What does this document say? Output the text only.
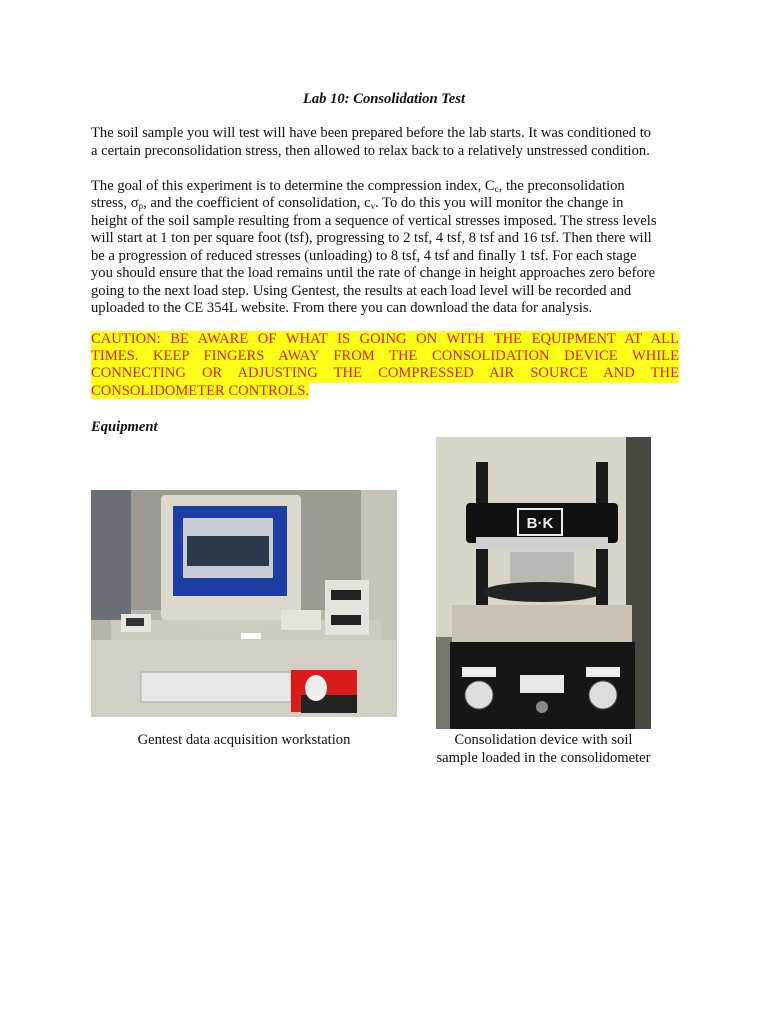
Lab 10: Consolidation Test
The soil sample you will test will have been prepared before the lab starts. It was conditioned to
a certain preconsolidation stress, then allowed to relax back to a relatively unstressed condition.
The goal of this experiment is to determine the compression index, $C_c$, the preconsolidation
stress, $\sigma_p$, and the coefficient of consolidation, $c_v$. To do this you will monitor the change in
height of the soil sample resulting from a sequence of vertical stresses imposed. The stress levels
will start at 1 ton per square foot (tsf), progressing to 2 tsf, 4 tsf, 8 tsf and 16 tsf. Then there will
be a progression of reduced stresses (unloading) to 8 tsf, 4 tsf and finally 1 tsf. For each stage
you should ensure that the load remains until the rate of change in height approaches zero before
going to the next load step. Using Gentest, the results at each load level will be recorded and
uploaded to the CE 354L website. From there you can download the data for analysis.
CAUTION: BE AWARE OF WHAT IS GOING ON WITH THE EQUIPMENT AT ALL
TIMES. KEEP FINGERS AWAY FROM THE CONSOLIDATION DEVICE WHILE
CONNECTING OR ADJUSTING THE COMPRESSED AIR SOURCE AND THE
CONSOLIDOMETER CONTROLS.
Equipment
Gentest data acquisition workstation
B·K
Consolidation device with soil
sample loaded in the consolidometer
